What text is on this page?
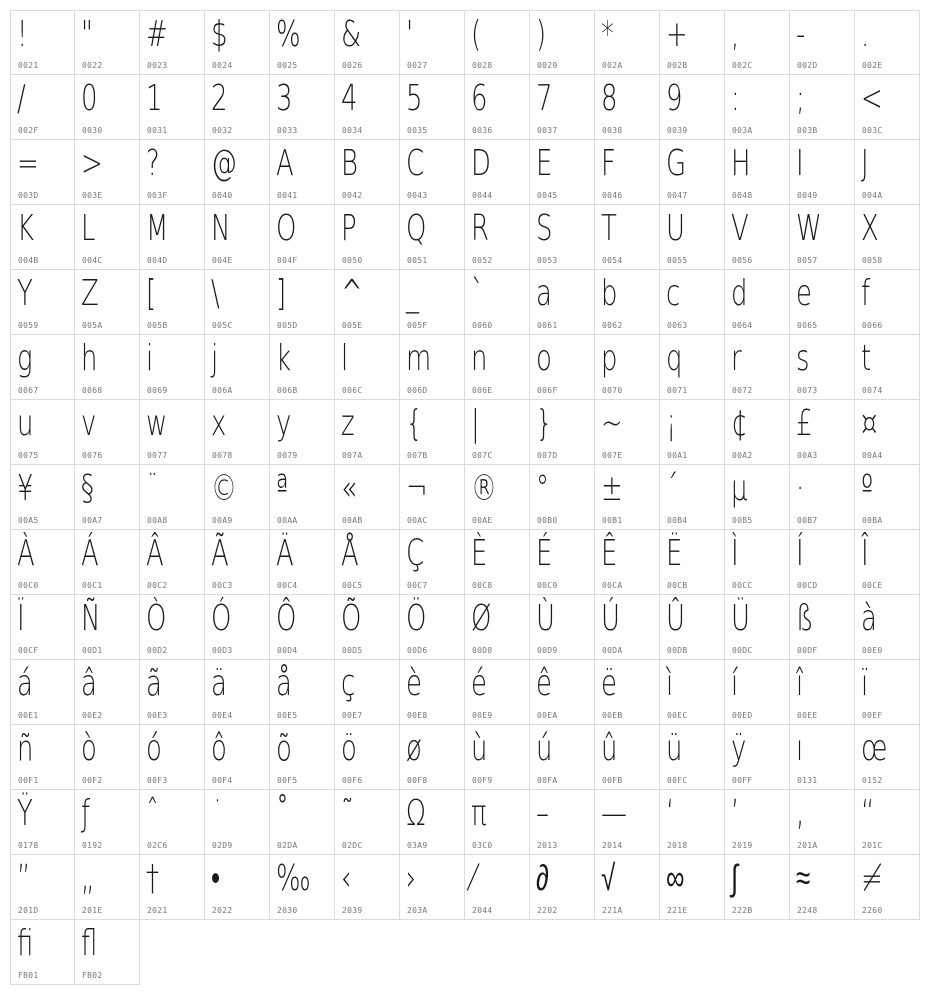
!
0021
"
0022
#
0023
$
0024
%
0025
&
0026
'
0027
(
0028
)
0029
*
002A
+
002B
,
002C
-
002D
.
002E
/
002F
0
0030
1
0031
2
0032
3
0033
4
0034
5
0035
6
0036
7
0037
8
0038
9
0039
:
003A
;
003B
<
003C
=
003D
>
003E
?
003F
@
0040
A
0041
B
0042
C
0043
D
0044
E
0045
F
0046
G
0047
H
0048
I
0049
J
004A
K
004B
L
004C
M
004D
N
004E
O
004F
P
0050
Q
0051
R
0052
S
0053
T
0054
U
0055
V
0056
W
0057
X
0058
Y
0059
Z
005A
[
005B
\
005C
]
005D
^
005E
_
005F
`
0060
a
0061
b
0062
c
0063
d
0064
e
0065
f
0066
g
0067
h
0068
i
0069
j
006A
k
006B
l
006C
m
006D
n
006E
o
006F
p
0070
q
0071
r
0072
s
0073
t
0074
u
0075
v
0076
w
0077
x
0078
y
0079
z
007A
{
007B
|
007C
}
007D
~
007E
¡
00A1
¢
00A2
£
00A3
¤
00A4
¥
00A5
§
00A7
¨
00A8
©
00A9
ª
00AA
«
00AB
¬
00AC
®
00AE
°
00B0
±
00B1
´
00B4
µ
00B5
·
00B7
º
00BA
À
00C0
Á
00C1
Â
00C2
Ã
00C3
Ä
00C4
Å
00C5
Ç
00C7
È
00C8
É
00C9
Ê
00CA
Ë
00CB
Ì
00CC
Í
00CD
Î
00CE
Ï
00CF
Ñ
00D1
Ò
00D2
Ó
00D3
Ô
00D4
Õ
00D5
Ö
00D6
Ø
00D8
Ù
00D9
Ú
00DA
Û
00DB
Ü
00DC
ß
00DF
à
00E0
á
00E1
â
00E2
ã
00E3
ä
00E4
å
00E5
ç
00E7
è
00E8
é
00E9
ê
00EA
ë
00EB
ì
00EC
í
00ED
î
00EE
ï
00EF
ñ
00F1
ò
00F2
ó
00F3
ô
00F4
õ
00F5
ö
00F6
ø
00F8
ù
00F9
ú
00FA
û
00FB
ü
00FC
ÿ
00FF
ı
0131
œ
0152
Ÿ
0178
ƒ
0192
ˆ
02C6
˙
02D9
˚
02DA
˜
02DC
Ω
03A9
π
03C0
–
2013
—
2014
‘
2018
’
2019
‚
201A
“
201C
”
201D
„
201E
†
2021
•
2022
‰
2030
‹
2039
›
203A
⁄
2044
∂
2202
√
221A
∞
221E
∫
222B
≈
2248
≠
2260
ﬁ
FB01
ﬂ
FB02
